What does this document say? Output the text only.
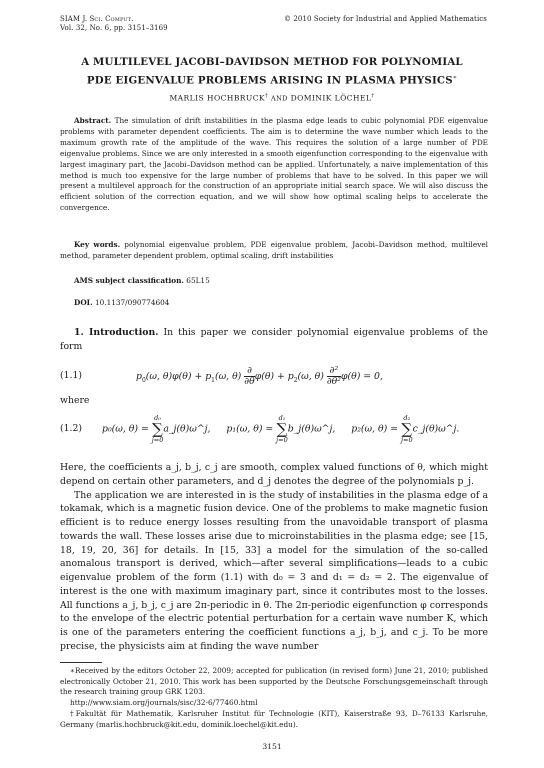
SIAM J. Sci. Comput.
Vol. 32, No. 6, pp. 3151–3169
© 2010 Society for Industrial and Applied Mathematics
A MULTILEVEL JACOBI–DAVIDSON METHOD FOR POLYNOMIAL
PDE EIGENVALUE PROBLEMS ARISING IN PLASMA PHYSICS∗
MARLIS HOCHBRUCK† AND DOMINIK LÖCHEL†
Abstract. The simulation of drift instabilities in the plasma edge leads to cubic polynomial PDE eigenvalue problems with parameter dependent coefficients. The aim is to determine the wave number which leads to the maximum growth rate of the amplitude of the wave. This requires the solution of a large number of PDE eigenvalue problems. Since we are only interested in a smooth eigenfunction corresponding to the eigenvalue with largest imaginary part, the Jacobi–Davidson method can be applied. Unfortunately, a naive implementation of this method is much too expensive for the large number of problems that have to be solved. In this paper we will present a multilevel approach for the construction of an appropriate initial search space. We will also discuss the efficient solution of the correction equation, and we will show how optimal scaling helps to accelerate the convergence.
Key words. polynomial eigenvalue problem, PDE eigenvalue problem, Jacobi–Davidson method, multilevel method, parameter dependent problem, optimal scaling, drift instabilities
AMS subject classification. 65L15
DOI. 10.1137/090774604
1. Introduction. In this paper we consider polynomial eigenvalue problems of the form
(1.1)	$p_0(\omega$, $\theta)\varphi(\theta) + p_1(\omega$, $\theta) \frac{\partial}{\partial\theta} \varphi(\theta) + p_2(\omega$, $\theta) \frac{\text{∂²}}{\text{∂θ²}} \varphi(\theta) = 0$,
where
(1.2) p₀(ω, θ) =
d₀
∑
j=0
a_j(θ)ω^j, p₁(ω, θ) =
d₁
∑
j=0
b_j(θ)ω^j, p₂(ω, θ) =
d₂
∑
j=0
c_j(θ)ω^j.

Here, the coefficients a_j, b_j, c_j are smooth, complex valued functions of θ, which might depend on certain other parameters, and d_j denotes the degree of the polynomials p_j.

The application we are interested in is the study of instabilities in the plasma edge of a tokamak, which is a magnetic fusion device. One of the problems to make magnetic fusion efficient is to reduce energy losses resulting from the unavoidable transport of plasma towards the wall. These losses arise due to microinstabilities in the plasma edge; see [15, 18, 19, 20, 36] for details. In [15, 33] a model for the simulation of the so-called anomalous transport is derived, which—after several simplifications—leads to a cubic eigenvalue problem of the form (1.1) with d₀ = 3 and d₁ = d₂ = 2. The eigenvalue of interest is the one with maximum imaginary part, since it contributes most to the losses. All functions a_j, b_j, c_j are 2π-periodic in θ. The 2π-periodic eigenfunction φ corresponds to the envelope of the electric potential perturbation for a certain wave number K, which is one of the parameters entering the coefficient functions a_j, b_j, and c_j. To be more precise, the physicists aim at finding the wave number

∗Received by the editors October 22, 2009; accepted for publication (in revised form) June 21, 2010; published electronically October 21, 2010. This work has been supported by the Deutsche Forschungsgemeinschaft through the research training group GRK 1203.

http://www.siam.org/journals/sisc/32-6/77460.html

†Fakultät für Mathematik, Karlsruher Institut für Technologie (KIT), Kaiserstraße 93, D–76133 Karlsruhe, Germany (marlis.hochbruck@kit.edu, dominik.loechel@kit.edu).

3151
